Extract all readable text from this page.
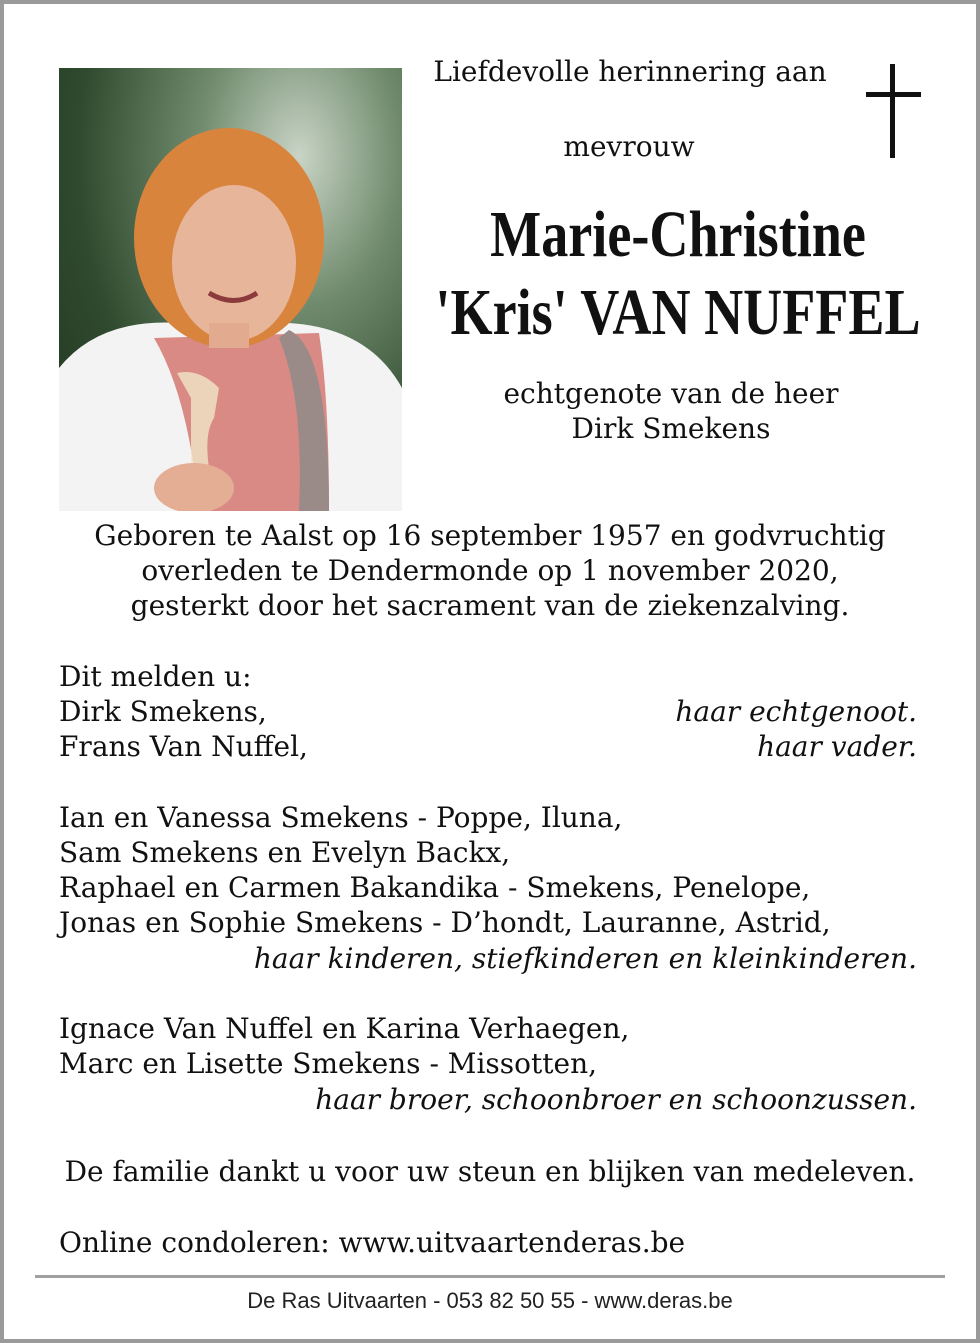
Liefdevolle herinnering aan
mevrouw
Marie-Christine
'Kris' VAN NUFFEL
echtgenote van de heer
Dirk Smekens
Geboren te Aalst op 16 september 1957 en godvruchtig
overleden te Dendermonde op 1 november 2020,
gesterkt door het sacrament van de ziekenzalving.
Dit melden u:
Dirk Smekens,	haar echtgenoot.
Frans Van Nuffel,	haar vader.
Ian en Vanessa Smekens - Poppe, Iluna,
Sam Smekens en Evelyn Backx,
Raphael en Carmen Bakandika - Smekens, Penelope,
Jonas en Sophie Smekens - D’hondt, Lauranne, Astrid,
haar kinderen, stiefkinderen en kleinkinderen.
Ignace Van Nuffel en Karina Verhaegen,
Marc en Lisette Smekens - Missotten,
haar broer, schoonbroer en schoonzussen.
De familie dankt u voor uw steun en blijken van medeleven.
Online condoleren: www.uitvaartenderas.be
De Ras Uitvaarten - 053 82 50 55 - www.deras.be
